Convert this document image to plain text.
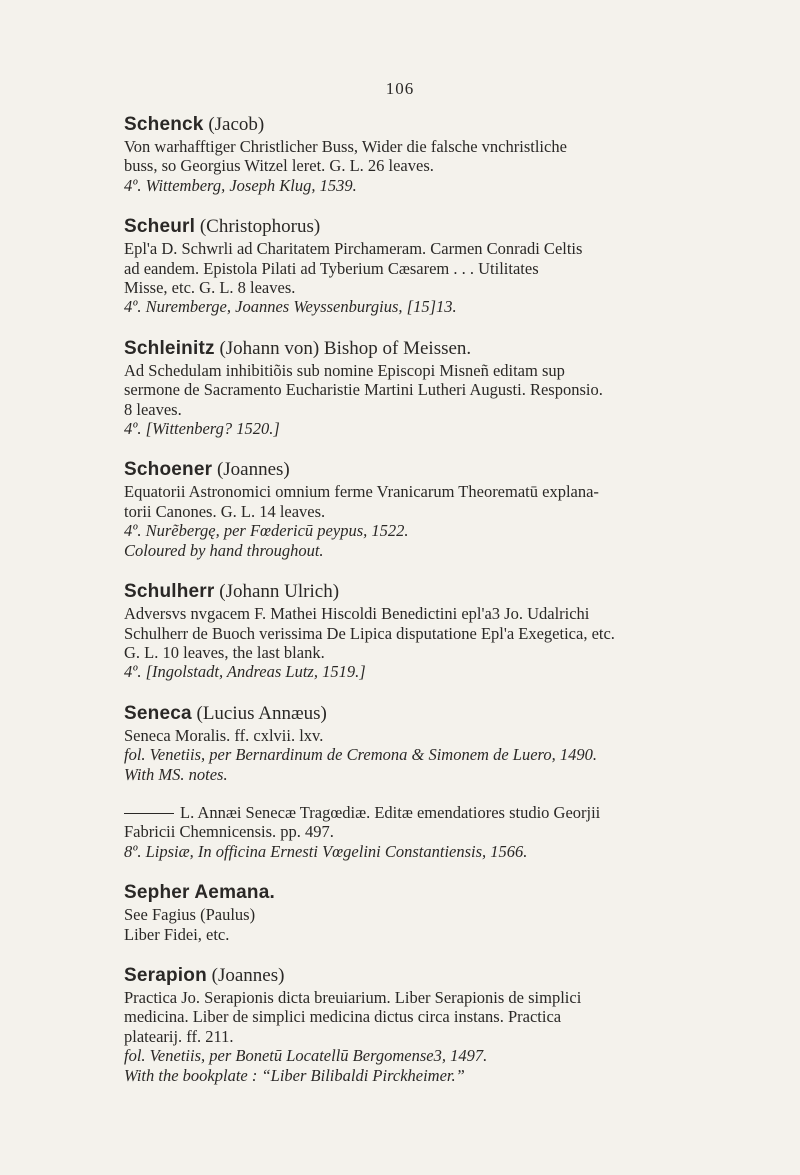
106
Schenck (Jacob)

Von warhafftiger Christlicher Buss, Wider die falsche vnchristliche

buss, so Georgius Witzel leret. G. L. 26 leaves.

4º. Wittemberg, Joseph Klug, 1539.

Scheurl (Christophorus)

Epl'a D. Schwrli ad Charitatem Pirchameram. Carmen Conradi Celtis

ad eandem. Epistola Pilati ad Tyberium Cæsarem . . . Utilitates

Misse, etc. G. L. 8 leaves.

4º. Nuremberge, Joannes Weyssenburgius, [15]13.

Schleinitz (Johann von) Bishop of Meissen.

Ad Schedulam inhibitiõis sub nomine Episcopi Misneñ editam sup

sermone de Sacramento Eucharistie Martini Lutheri Augusti. Responsio.

8 leaves.

4º. [Wittenberg? 1520.]

Schoener (Joannes)

Equatorii Astronomici omnium ferme Vranicarum Theorematū explana-

torii Canones. G. L. 14 leaves.

4º. Nurẽbergę, per Fœdericū peypus, 1522.

Coloured by hand throughout.

Schulherr (Johann Ulrich)

Adversvs nvgacem F. Mathei Hiscoldi Benedictini epl'a3 Jo. Udalrichi

Schulherr de Buoch verissima De Lipica disputatione Epl'a Exegetica, etc.

G. L. 10 leaves, the last blank.

4º. [Ingolstadt, Andreas Lutz, 1519.]

Seneca (Lucius Annæus)

Seneca Moralis. ff. cxlvii. lxv.

fol. Venetiis, per Bernardinum de Cremona & Simonem de Luero, 1490.

With MS. notes.

L. Annæi Senecæ Tragœdiæ. Editæ emendatiores studio Georjii

Fabricii Chemnicensis. pp. 497.

8º. Lipsiæ, In officina Ernesti Vœgelini Constantiensis, 1566.

Sepher Aemana.

See Fagius (Paulus)

Liber Fidei, etc.

Serapion (Joannes)

Practica Jo. Serapionis dicta breuiarium. Liber Serapionis de simplici

medicina. Liber de simplici medicina dictus circa instans. Practica

platearij. ff. 211.

fol. Venetiis, per Bonetū Locatellū Bergomense3, 1497.

With the bookplate : “Liber Bilibaldi Pirckheimer.”
